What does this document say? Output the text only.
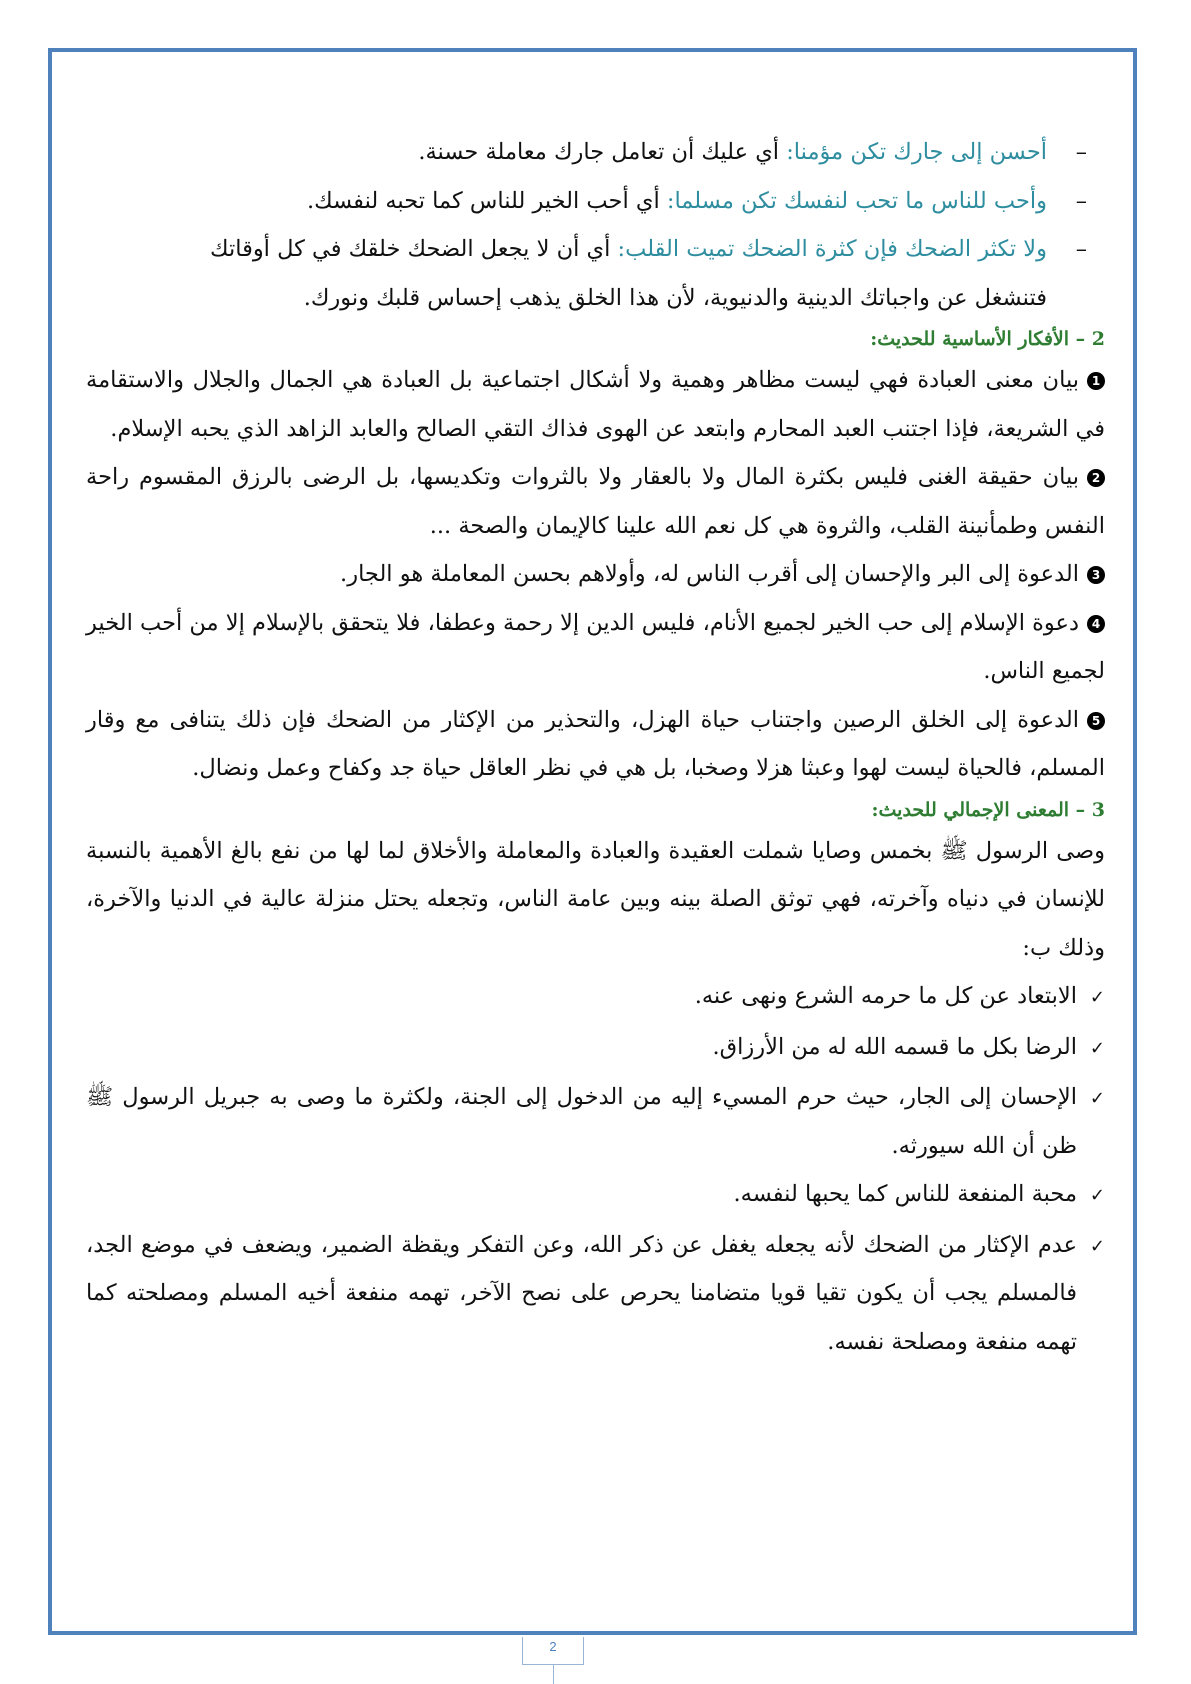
–
أحسن إلى جارك تكن مؤمنا: أي عليك أن تعامل جارك معاملة حسنة.
–
وأحب للناس ما تحب لنفسك تكن مسلما: أي أحب الخير للناس كما تحبه لنفسك.
–
ولا تكثر الضحك فإن كثرة الضحك تميت القلب: أي أن لا يجعل الضحك خلقك في كل أوقاتك

فتنشغل عن واجباتك الدينية والدنيوية، لأن هذا الخلق يذهب إحساس قلبك ونورك.

2 – الأفكار الأساسية للحديث:

1بيان معنى العبادة فهي ليست مظاهر وهمية ولا أشكال اجتماعية بل العبادة هي الجمال والجلال والاستقامة في الشريعة، فإذا اجتنب العبد المحارم وابتعد عن الهوى فذاك التقي الصالح والعابد الزاهد الذي يحبه الإسلام.

2بيان حقيقة الغنى فليس بكثرة المال ولا بالعقار ولا بالثروات وتكديسها، بل الرضى بالرزق المقسوم راحة النفس وطمأنينة القلب، والثروة هي كل نعم الله علينا كالإيمان والصحة ...

3الدعوة إلى البر والإحسان إلى أقرب الناس له، وأولاهم بحسن المعاملة هو الجار.

4دعوة الإسلام إلى حب الخير لجميع الأنام، فليس الدين إلا رحمة وعطفا، فلا يتحقق بالإسلام إلا من أحب الخير لجميع الناس.

5الدعوة إلى الخلق الرصين واجتناب حياة الهزل، والتحذير من الإكثار من الضحك فإن ذلك يتنافى مع وقار المسلم، فالحياة ليست لهوا وعبثا هزلا وصخبا، بل هي في نظر العاقل حياة جد وكفاح وعمل ونضال.

3 – المعنى الإجمالي للحديث:

وصى الرسول ﷺ بخمس وصايا شملت العقيدة والعبادة والمعاملة والأخلاق لما لها من نفع بالغ الأهمية بالنسبة للإنسان في دنياه وآخرته، فهي توثق الصلة بينه وبين عامة الناس، وتجعله يحتل منزلة عالية في الدنيا والآخرة، وذلك ب:

✓
الابتعاد عن كل ما حرمه الشرع ونهى عنه.
✓
الرضا بكل ما قسمه الله له من الأرزاق.
✓
الإحسان إلى الجار، حيث حرم المسيء إليه من الدخول إلى الجنة، ولكثرة ما وصى به جبريل الرسول ﷺ ظن أن الله سيورثه.
✓
محبة المنفعة للناس كما يحبها لنفسه.
✓
عدم الإكثار من الضحك لأنه يجعله يغفل عن ذكر الله، وعن التفكر ويقظة الضمير، ويضعف في موضع الجد، فالمسلم يجب أن يكون تقيا قويا متضامنا يحرص على نصح الآخر، تهمه منفعة أخيه المسلم ومصلحته كما تهمه منفعة ومصلحة نفسه.
2
